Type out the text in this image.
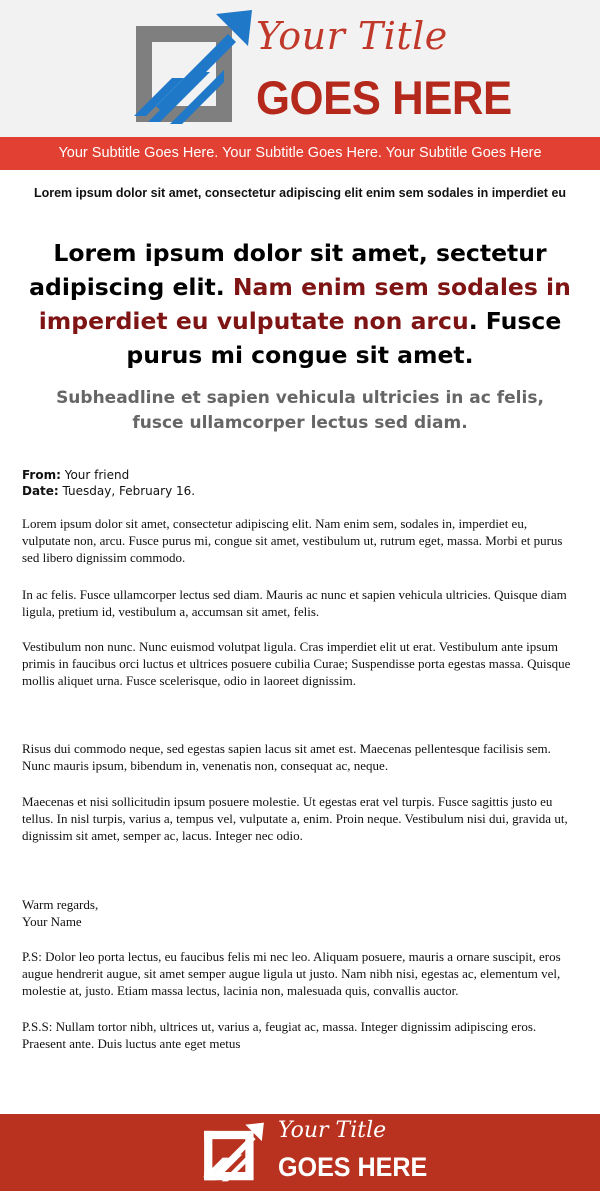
Your Title
GOES HERE
Your Subtitle Goes Here. Your Subtitle Goes Here. Your Subtitle Goes Here
Lorem ipsum dolor sit amet, consectetur adipiscing elit enim sem sodales in imperdiet eu
Lorem ipsum dolor sit amet, sectetur adipiscing elit. Nam enim sem sodales in imperdiet eu vulputate non arcu. Fusce purus mi congue sit amet.
Subheadline et sapien vehicula ultricies in ac felis, fusce ullamcorper lectus sed diam.
From: Your friend
Date: Tuesday, February 16.

Lorem ipsum dolor sit amet, consectetur adipiscing elit. Nam enim sem, sodales in, imperdiet eu, vulputate non, arcu. Fusce purus mi, congue sit amet, vestibulum ut, rutrum eget, massa. Morbi et purus sed libero dignissim commodo.

In ac felis. Fusce ullamcorper lectus sed diam. Mauris ac nunc et sapien vehicula ultricies. Quisque diam ligula, pretium id, vestibulum a, accumsan sit amet, felis.

Vestibulum non nunc. Nunc euismod volutpat ligula. Cras imperdiet elit ut erat. Vestibulum ante ipsum primis in faucibus orci luctus et ultrices posuere cubilia Curae; Suspendisse porta egestas massa. Quisque mollis aliquet urna. Fusce scelerisque, odio in laoreet dignissim.

Risus dui commodo neque, sed egestas sapien lacus sit amet est. Maecenas pellentesque facilisis sem. Nunc mauris ipsum, bibendum in, venenatis non, consequat ac, neque.

Maecenas et nisi sollicitudin ipsum posuere molestie. Ut egestas erat vel turpis. Fusce sagittis justo eu tellus. In nisl turpis, varius a, tempus vel, vulputate a, enim. Proin neque. Vestibulum nisi dui, gravida ut, dignissim sit amet, semper ac, lacus. Integer nec odio.

Warm regards,
Your Name

P.S: Dolor leo porta lectus, eu faucibus felis mi nec leo. Aliquam posuere, mauris a ornare suscipit, eros augue hendrerit augue, sit amet semper augue ligula ut justo. Nam nibh nisi, egestas ac, elementum vel, molestie at, justo. Etiam massa lectus, lacinia non, malesuada quis, convallis auctor.

P.S.S: Nullam tortor nibh, ultrices ut, varius a, feugiat ac, massa. Integer dignissim adipiscing eros. Praesent ante. Duis luctus ante eget metus

Your Title
GOES HERE
